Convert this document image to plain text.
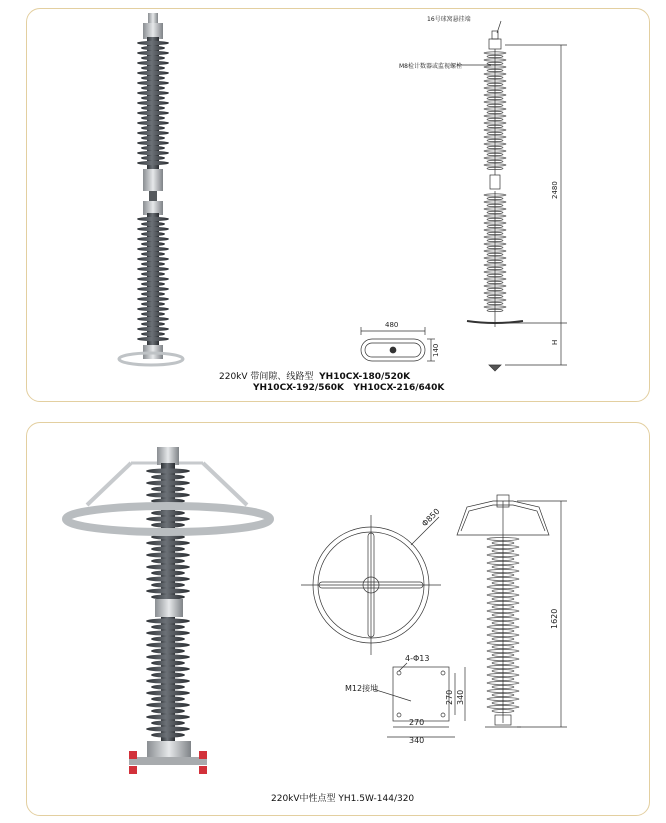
16号球窝悬挂端
M8检计数器或监视螺栓
2480
H
480
140
220kV 带间隙、线路型 YH10CX-180/520K
YH10CX-192/560K   YH10CX-216/640K
Φ850
1620
4-Φ13
M12接地
270 340
270
340
220kV中性点型 YH1.5W-144/320
